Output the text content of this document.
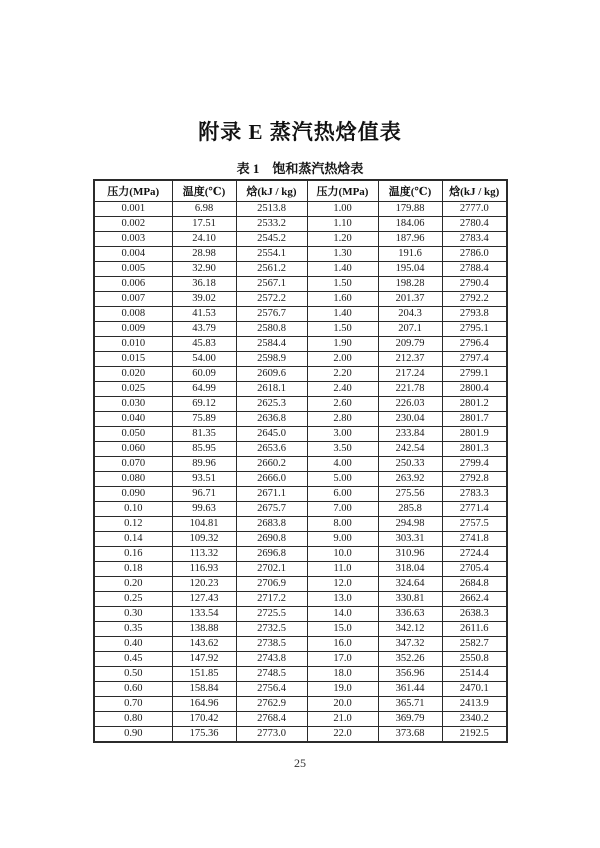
附录 E 蒸汽热焓值表
表 1　饱和蒸汽热焓表
压力(MPa)	温度(℃)	焓(kJ / kg)	压力(MPa)	温度(℃)	焓(kJ / kg)
0.001	6.98	2513.8	1.00	179.88	2777.0
0.002	17.51	2533.2	1.10	184.06	2780.4
0.003	24.10	2545.2	1.20	187.96	2783.4
0.004	28.98	2554.1	1.30	191.6	2786.0
0.005	32.90	2561.2	1.40	195.04	2788.4
0.006	36.18	2567.1	1.50	198.28	2790.4
0.007	39.02	2572.2	1.60	201.37	2792.2
0.008	41.53	2576.7	1.40	204.3	2793.8
0.009	43.79	2580.8	1.50	207.1	2795.1
0.010	45.83	2584.4	1.90	209.79	2796.4
0.015	54.00	2598.9	2.00	212.37	2797.4
0.020	60.09	2609.6	2.20	217.24	2799.1
0.025	64.99	2618.1	2.40	221.78	2800.4
0.030	69.12	2625.3	2.60	226.03	2801.2
0.040	75.89	2636.8	2.80	230.04	2801.7
0.050	81.35	2645.0	3.00	233.84	2801.9
0.060	85.95	2653.6	3.50	242.54	2801.3
0.070	89.96	2660.2	4.00	250.33	2799.4
0.080	93.51	2666.0	5.00	263.92	2792.8
0.090	96.71	2671.1	6.00	275.56	2783.3
0.10	99.63	2675.7	7.00	285.8	2771.4
0.12	104.81	2683.8	8.00	294.98	2757.5
0.14	109.32	2690.8	9.00	303.31	2741.8
0.16	113.32	2696.8	10.0	310.96	2724.4
0.18	116.93	2702.1	11.0	318.04	2705.4
0.20	120.23	2706.9	12.0	324.64	2684.8
0.25	127.43	2717.2	13.0	330.81	2662.4
0.30	133.54	2725.5	14.0	336.63	2638.3
0.35	138.88	2732.5	15.0	342.12	2611.6
0.40	143.62	2738.5	16.0	347.32	2582.7
0.45	147.92	2743.8	17.0	352.26	2550.8
0.50	151.85	2748.5	18.0	356.96	2514.4
0.60	158.84	2756.4	19.0	361.44	2470.1
0.70	164.96	2762.9	20.0	365.71	2413.9
0.80	170.42	2768.4	21.0	369.79	2340.2
0.90	175.36	2773.0	22.0	373.68	2192.5
25
